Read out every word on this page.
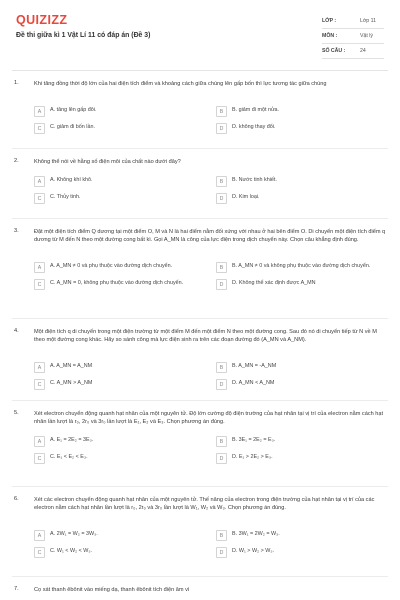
QUIZIZZ
Đề thi giữa kì 1 Vật Lí 11 có đáp án (Đề 3)
LỚP :	Lớp 11
MÔN :	Vật lý
SỐ CÂU :	24
1.	Khi tăng đồng thời độ lớn của hai điện tích điểm và khoảng cách giữa chúng lên gấp bốn thì lực tương tác giữa chúng
A	A. tăng lên gấp đôi.	B	B. giảm đi một nửa.
C	C. giảm đi bốn lần.	D	D. không thay đổi.
2.	Không thể nói về hằng số điện môi của chất nào dưới đây?
A	A. Không khí khô.	B	B. Nước tinh khiết.
C	C. Thủy tinh.	D	D. Kim loại.
3.	Đặt một điện tích điểm Q dương tại một điểm O, M và N là hai điểm nằm đối xứng với nhau ở hai bên điểm O. Di chuyển một điện tích điểm q dương từ M đến N theo một đường cong bất kì. Gọi A_MN là công của lực điện trong dịch chuyển này. Chọn câu khẳng định đúng.
A	A. A_MN ≠ 0 và phụ thuộc vào đường dịch chuyển.	B	B. A_MN ≠ 0 và không phụ thuộc vào đường dịch chuyển.
C	C. A_MN = 0, không phụ thuộc vào đường dịch chuyển.	D	D. Không thể xác định được A_MN
4.	Một điện tích q di chuyển trong một điện trường từ một điểm M đến một điểm N theo một đường cong. Sau đó nó di chuyển tiếp từ N về M theo một đường cong khác. Hãy so sánh công mà lực điện sinh ra trên các đoạn đường đó (A_MN và A_NM).
A	A. A_MN = A_NM	B	B. A_MN = -A_NM
C	C. A_MN > A_NM	D	D. A_MN < A_NM
5.	Xét electron chuyển động quanh hạt nhân của một nguyên tử. Độ lớn cường độ điện trường của hạt nhân tại vị trí của electron nằm cách hạt nhân lần lượt là r₀, 2r₀ và 3r₀ lần lượt là E₁, E₂ và E₃. Chọn phương án đúng.
A	A. E₁ = 2E₂ = 3E₃.	B	B. 3E₁ = 2E₂ = E₃.
C	C. E₁ < E₂ < E₃.	D	D. E₁ > 2E₂ > E₃.
6.	Xét các electron chuyển động quanh hạt nhân của một nguyên tử. Thế năng của electron trong điện trường của hạt nhân tại vị trí của các electron nằm cách hạt nhân lần lượt là r₀, 2r₀ và 3r₀ lần lượt là W₁, W₂ và W₃. Chọn phương án đúng.
A	A. 2W₁ = W₂ = 3W₃.	B	B. 3W₁ = 2W₂ = W₃.
C	C. W₁ < W₂ < W₃.	D	D. W₁ > W₂ > W₃.
7.	Cọ xát thanh êbônit vào miếng dạ, thanh êbônit tích điện âm vì
